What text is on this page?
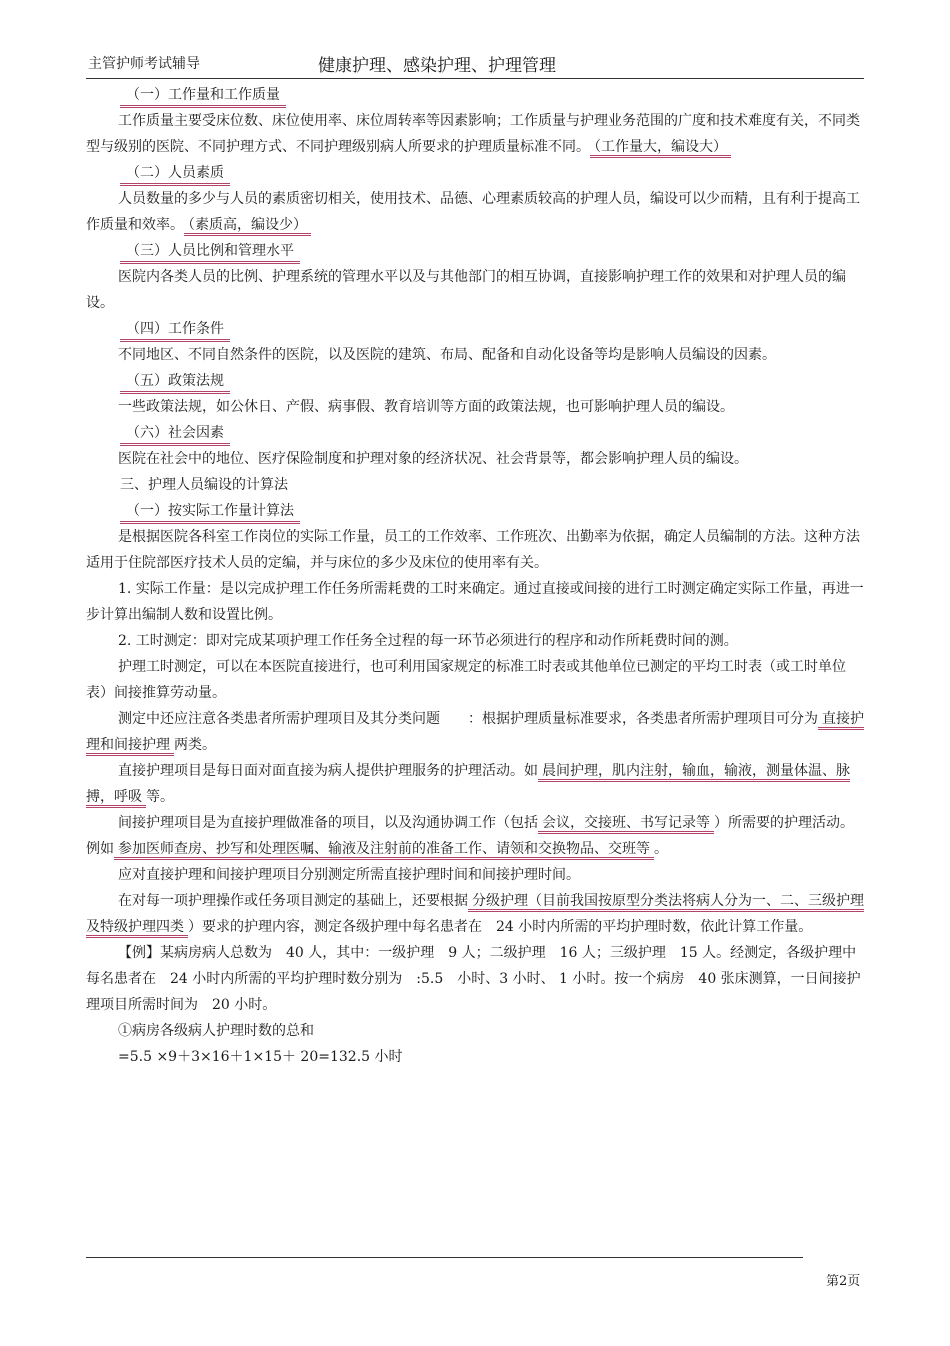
主管护师考试辅导	健康护理、感染护理、护理管理

（一）工作量和工作质量

工作质量主要受床位数、床位使用率、床位周转率等因素影响；工作质量与护理业务范围的广度和技术难度有关，不同类型与级别的医院、不同护理方式、不同护理级别病人所要求的护理质量标准不同。 （工作量大，编设大）

（二）人员素质

人员数量的多少与人员的素质密切相关，使用技术、品德、心理素质较高的护理人员，编设可以少而精，且有利于提高工作质量和效率。 （素质高，编设少）

（三）人员比例和管理水平

医院内各类人员的比例、护理系统的管理水平以及与其他部门的相互协调，直接影响护理工作的效果和对护理人员的编设。

（四）工作条件

不同地区、不同自然条件的医院，以及医院的建筑、布局、配备和自动化设备等均是影响人员编设的因素。

（五）政策法规

一些政策法规，如公休日、产假、病事假、教育培训等方面的政策法规，也可影响护理人员的编设。

（六）社会因素

医院在社会中的地位、医疗保险制度和护理对象的经济状况、社会背景等，都会影响护理人员的编设。

三、护理人员编设的计算法

（一）按实际工作量计算法

是根据医院各科室工作岗位的实际工作量，员工的工作效率、工作班次、出勤率为依据，确定人员编制的方法。这种方法适用于住院部医疗技术人员的定编，并与床位的多少及床位的使用率有关。

1. 实际工作量：是以完成护理工作任务所需耗费的工时来确定。通过直接或间接的进行工时测定确定实际工作量，再进一步计算出编制人数和设置比例。

2. 工时测定：即对完成某项护理工作任务全过程的每一环节必须进行的程序和动作所耗费时间的测。

护理工时测定，可以在本医院直接进行，也可利用国家规定的标准工时表或其他单位已测定的平均工时表（或工时单位表）间接推算劳动量。

测定中还应注意各类患者所需护理项目及其分类问题　　：根据护理质量标准要求，各类患者所需护理项目可分为 直接护理和间接护理 两类。

直接护理项目是每日面对面直接为病人提供护理服务的护理活动。如 晨间护理，肌内注射，输血，输液，测量体温、脉搏，呼吸 等。

间接护理项目是为直接护理做准备的项目，以及沟通协调工作（包括 会议，交接班、书写记录等 ）所需要的护理活动。例如 参加医师查房、抄写和处理医嘱、输液及注射前的准备工作、请领和交换物品、交班等 。

应对直接护理和间接护理项目分别测定所需直接护理时间和间接护理时间。

在对每一项护理操作或任务项目测定的基础上，还要根据 分级护理（目前我国按原型分类法将病人分为一、二、三级护理及特级护理四类 ）要求的护理内容，测定各级护理中每名患者在　24 小时内所需的平均护理时数，依此计算工作量。

【例】某病房病人总数为　40 人，其中：一级护理　9 人；二级护理　16 人；三级护理　15 人。经测定，各级护理中每名患者在　24 小时内所需的平均护理时数分别为　:5.5　小时、3 小时、 1 小时。按一个病房　40 张床测算，一日间接护理项目所需时间为　20 小时。

①病房各级病人护理时数的总和

=5.5 ×9＋3×16＋1×15＋ 20=132.5 小时

第2页
